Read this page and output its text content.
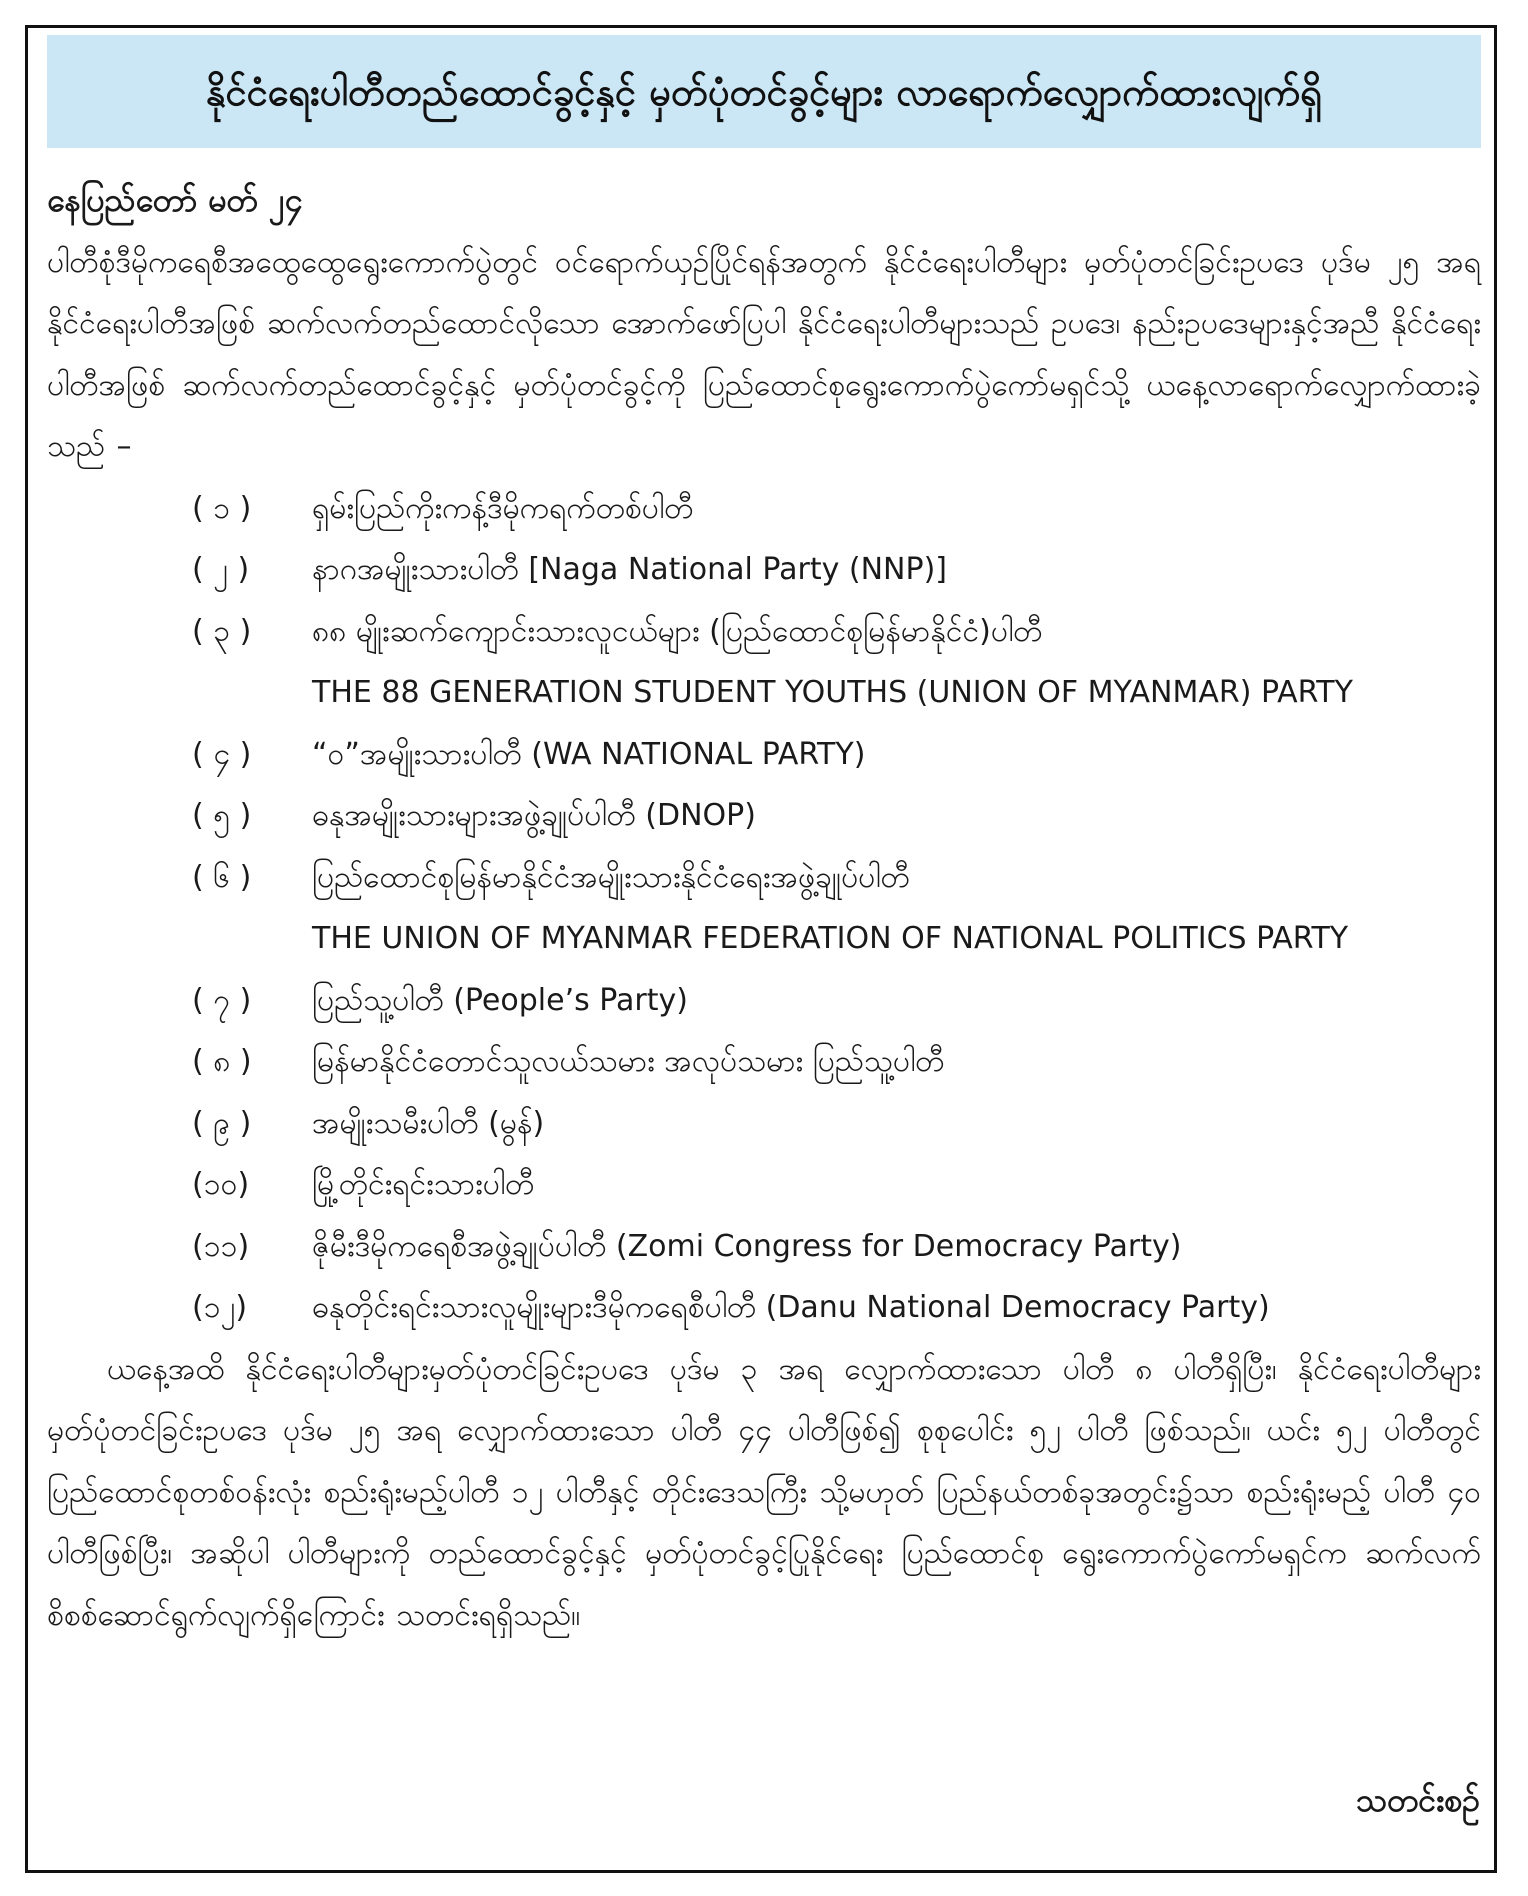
နိုင်ငံရေးပါတီတည်ထောင်ခွင့်နှင့် မှတ်ပုံတင်ခွင့်များ လာရောက်လျှောက်ထားလျက်ရှိ
နေပြည်တော် မတ် ၂၄
ပါတီစုံဒီမိုကရေစီအထွေထွေရွေးကောက်ပွဲတွင် ဝင်ရောက်ယှဉ်ပြိုင်ရန်အတွက် နိုင်ငံရေးပါတီများ မှတ်ပုံတင်ခြင်းဥပဒေ ပုဒ်မ ၂၅ အရ နိုင်ငံရေးပါတီအဖြစ် ဆက်လက်တည်ထောင်လိုသော အောက်ဖော်ပြပါ နိုင်ငံရေးပါတီများသည် ဥပဒေ၊ နည်းဥပဒေများနှင့်အညီ နိုင်ငံရေးပါတီအဖြစ် ဆက်လက်တည်ထောင်ခွင့်နှင့် မှတ်ပုံတင်ခွင့်ကို ပြည်ထောင်စုရွေးကောက်ပွဲကော်မရှင်သို့ ယနေ့လာရောက်လျှောက်ထားခဲ့သည် –
( ၁ )	ရှမ်းပြည်ကိုးကန့်ဒီမိုကရက်တစ်ပါတီ
( ၂ )	နာဂအမျိုးသားပါတီ [Naga National Party (NNP)]
( ၃ )	၈၈ မျိုးဆက်ကျောင်းသားလူငယ်များ (ပြည်ထောင်စုမြန်မာနိုင်ငံ)ပါတီ
THE 88 GENERATION STUDENT YOUTHS (UNION OF MYANMAR) PARTY
( ၄ )	“ဝ”အမျိုးသားပါတီ (WA NATIONAL PARTY)
( ၅ )	ဓနုအမျိုးသားများအဖွဲ့ချုပ်ပါတီ (DNOP)
( ၆ )	ပြည်ထောင်စုမြန်မာနိုင်ငံအမျိုးသားနိုင်ငံရေးအဖွဲ့ချုပ်ပါတီ
THE UNION OF MYANMAR FEDERATION OF NATIONAL POLITICS PARTY
( ၇ )	ပြည်သူ့ပါတီ (People’s Party)
( ၈ )	မြန်မာနိုင်ငံတောင်သူလယ်သမား အလုပ်သမား ပြည်သူ့ပါတီ
( ၉ )	အမျိုးသမီးပါတီ (မွန်)
(၁၀)	မြို့တိုင်းရင်းသားပါတီ
(၁၁)	ဇိုမီးဒီမိုကရေစီအဖွဲ့ချုပ်ပါတီ (Zomi Congress for Democracy Party)
(၁၂)	ဓနုတိုင်းရင်းသားလူမျိုးများဒီမိုကရေစီပါတီ (Danu National Democracy Party)
ယနေ့အထိ နိုင်ငံရေးပါတီများမှတ်ပုံတင်ခြင်းဥပဒေ ပုဒ်မ ၃ အရ လျှောက်ထားသော ပါတီ ၈ ပါတီရှိပြီး၊ နိုင်ငံရေးပါတီများမှတ်ပုံတင်ခြင်းဥပဒေ ပုဒ်မ ၂၅ အရ လျှောက်ထားသော ပါတီ ၄၄ ပါတီဖြစ်၍ စုစုပေါင်း ၅၂ ပါတီ ဖြစ်သည်။ ယင်း ၅၂ ပါတီတွင် ပြည်ထောင်စုတစ်ဝန်းလုံး စည်းရုံးမည့်ပါတီ ၁၂ ပါတီနှင့် တိုင်းဒေသကြီး သို့မဟုတ် ပြည်နယ်တစ်ခုအတွင်း၌သာ စည်းရုံးမည့် ပါတီ ၄၀ ပါတီဖြစ်ပြီး၊ အဆိုပါ ပါတီများကို တည်ထောင်ခွင့်နှင့် မှတ်ပုံတင်ခွင့်ပြုနိုင်ရေး ပြည်ထောင်စု ရွေးကောက်ပွဲကော်မရှင်က ဆက်လက်စိစစ်ဆောင်ရွက်လျက်ရှိကြောင်း သတင်းရရှိသည်။
သတင်းစဉ်
